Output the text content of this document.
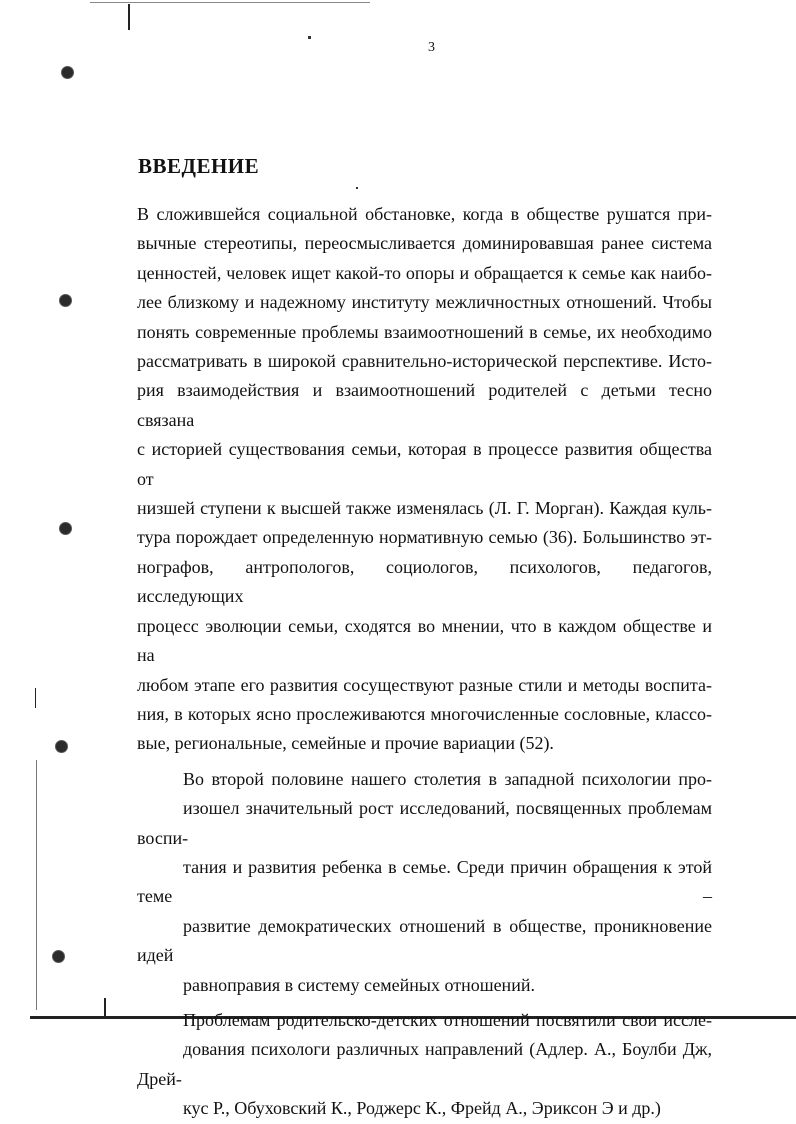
3
ВВЕДЕНИЕ

В сложившейся социальной обстановке, когда в обществе рушатся при-
вычные стереотипы, переосмысливается доминировавшая ранее система
ценностей, человек ищет какой-то опоры и обращается к семье как наибо-
лее близкому и надежному институту межличностных отношений. Чтобы
понять современные проблемы взаимоотношений в семье, их необходимо
рассматривать в широкой сравнительно-исторической перспективе. Исто-
рия взаимодействия и взаимоотношений родителей с детьми тесно связана
с историей существования семьи, которая в процессе развития общества от
низшей ступени к высшей также изменялась (Л. Г. Морган). Каждая куль-
тура порождает определенную нормативную семью (36). Большинство эт-
нографов, антропологов, социологов, психологов, педагогов, исследующих
процесс эволюции семьи, сходятся во мнении, что в каждом обществе и на
любом этапе его развития сосуществуют разные стили и методы воспита-
ния, в которых ясно прослеживаются многочисленные сословные, классо-
вые, региональные, семейные и прочие вариации (52).

Во второй половине нашего столетия в западной психологии про-
изошел значительный рост исследований, посвященных проблемам воспи-
тания и развития ребенка в семье. Среди причин обращения к этой теме –
развитие демократических отношений в обществе, проникновение идей
равноправия в систему семейных отношений.

Проблемам родительско-детских отношений посвятили свои иссле-
дования психологи различных направлений (Адлер. А., Боулби Дж, Дрей-
кус Р., Обуховский К., Роджерс К., Фрейд А., Эриксон Э и др.)
